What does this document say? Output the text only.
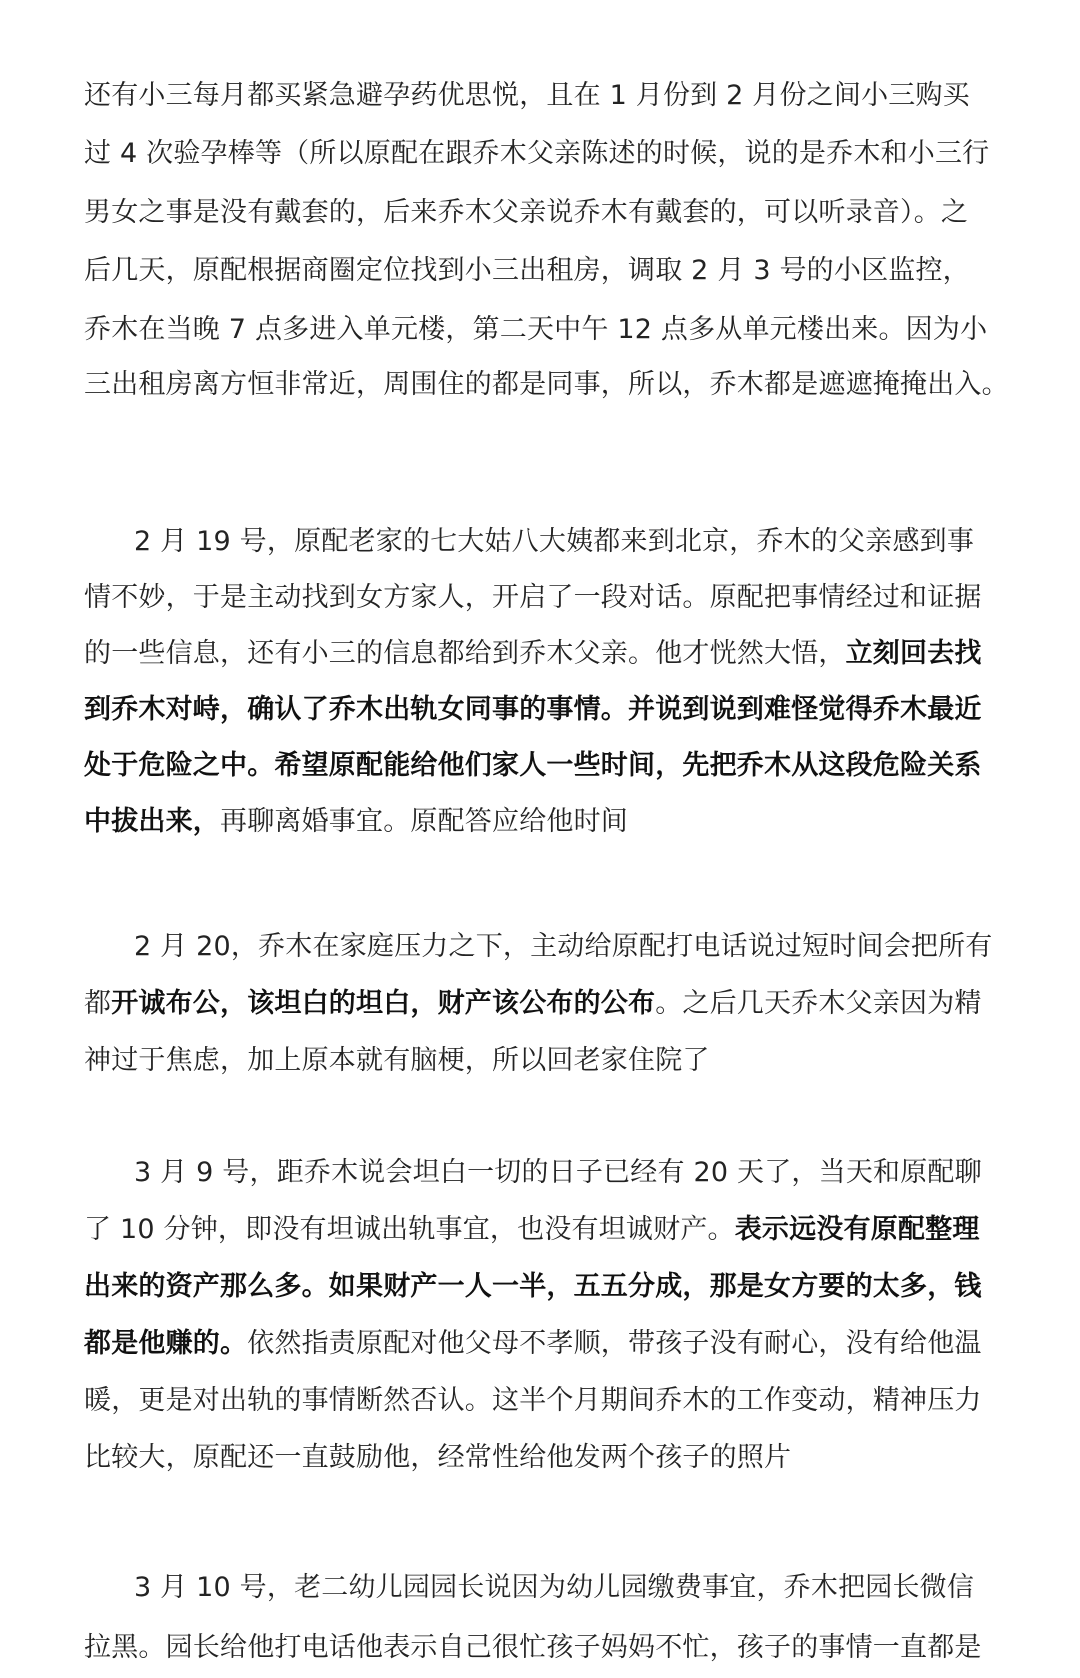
还有小三每月都买紧急避孕药优思悦，且在 1 月份到 2 月份之间小三购买
过 4 次验孕棒等（所以原配在跟乔木父亲陈述的时候，说的是乔木和小三行
男女之事是没有戴套的，后来乔木父亲说乔木有戴套的，可以听录音）。之
后几天，原配根据商圈定位找到小三出租房，调取 2 月 3 号的小区监控，
乔木在当晚 7 点多进入单元楼，第二天中午 12 点多从单元楼出来。因为小
三出租房离方恒非常近，周围住的都是同事，所以，乔木都是遮遮掩掩出入。
2 月 19 号，原配老家的七大姑八大姨都来到北京，乔木的父亲感到事
情不妙，于是主动找到女方家人，开启了一段对话。原配把事情经过和证据
的一些信息，还有小三的信息都给到乔木父亲。他才恍然大悟，立刻回去找
到乔木对峙，确认了乔木出轨女同事的事情。并说到说到难怪觉得乔木最近
处于危险之中。希望原配能给他们家人一些时间，先把乔木从这段危险关系
中拔出来，再聊离婚事宜。原配答应给他时间
2 月 20，乔木在家庭压力之下，主动给原配打电话说过短时间会把所有
都开诚布公，该坦白的坦白，财产该公布的公布。之后几天乔木父亲因为精
神过于焦虑，加上原本就有脑梗，所以回老家住院了
3 月 9 号，距乔木说会坦白一切的日子已经有 20 天了，当天和原配聊
了 10 分钟，即没有坦诚出轨事宜，也没有坦诚财产。表示远没有原配整理
出来的资产那么多。如果财产一人一半，五五分成，那是女方要的太多，钱
都是他赚的。依然指责原配对他父母不孝顺，带孩子没有耐心，没有给他温
暖，更是对出轨的事情断然否认。这半个月期间乔木的工作变动，精神压力
比较大，原配还一直鼓励他，经常性给他发两个孩子的照片
3 月 10 号，老二幼儿园园长说因为幼儿园缴费事宜，乔木把园长微信
拉黑。园长给他打电话他表示自己很忙孩子妈妈不忙，孩子的事情一直都是
